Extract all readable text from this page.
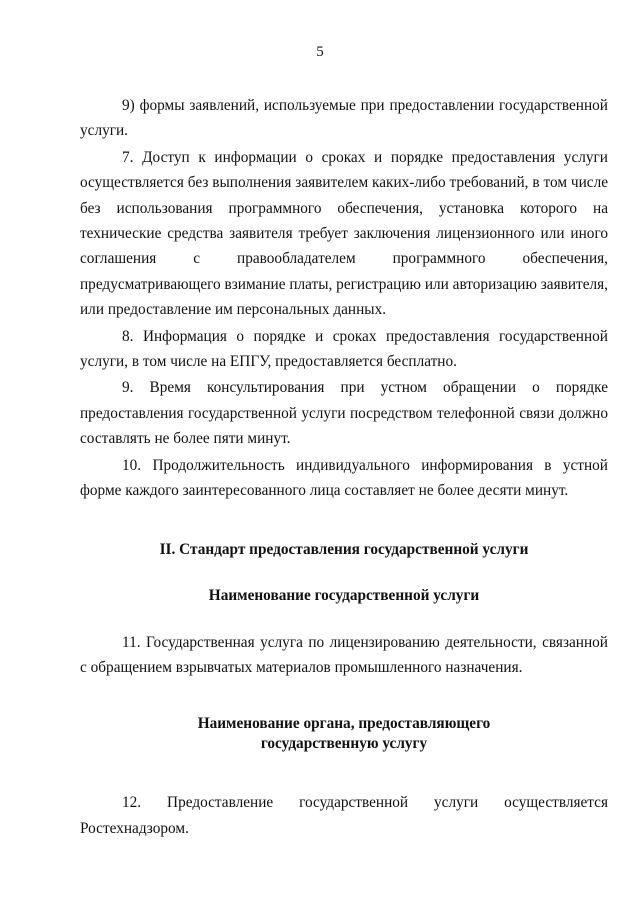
5

9) формы заявлений, используемые при предоставлении государственной услуги.

7. Доступ к информации о сроках и порядке предоставления услуги осуществляется без выполнения заявителем каких-либо требований, в том числе без использования программного обеспечения, установка которого на технические средства заявителя требует заключения лицензионного или иного соглашения с правообладателем программного обеспечения, предусматривающего взимание платы, регистрацию или авторизацию заявителя, или предоставление им персональных данных.

8. Информация о порядке и сроках предоставления государственной услуги, в том числе на ЕПГУ, предоставляется бесплатно.

9. Время консультирования при устном обращении о порядке предоставления государственной услуги посредством телефонной связи должно составлять не более пяти минут.

10. Продолжительность индивидуального информирования в устной форме каждого заинтересованного лица составляет не более десяти минут.

II. Стандарт предоставления государственной услуги
Наименование государственной услуги

11. Государственная услуга по лицензированию деятельности, связанной с обращением взрывчатых материалов промышленного назначения.

Наименование органа, предоставляющего
государственную услугу

12. Предоставление государственной услуги осуществляется Ростехнадзором.
